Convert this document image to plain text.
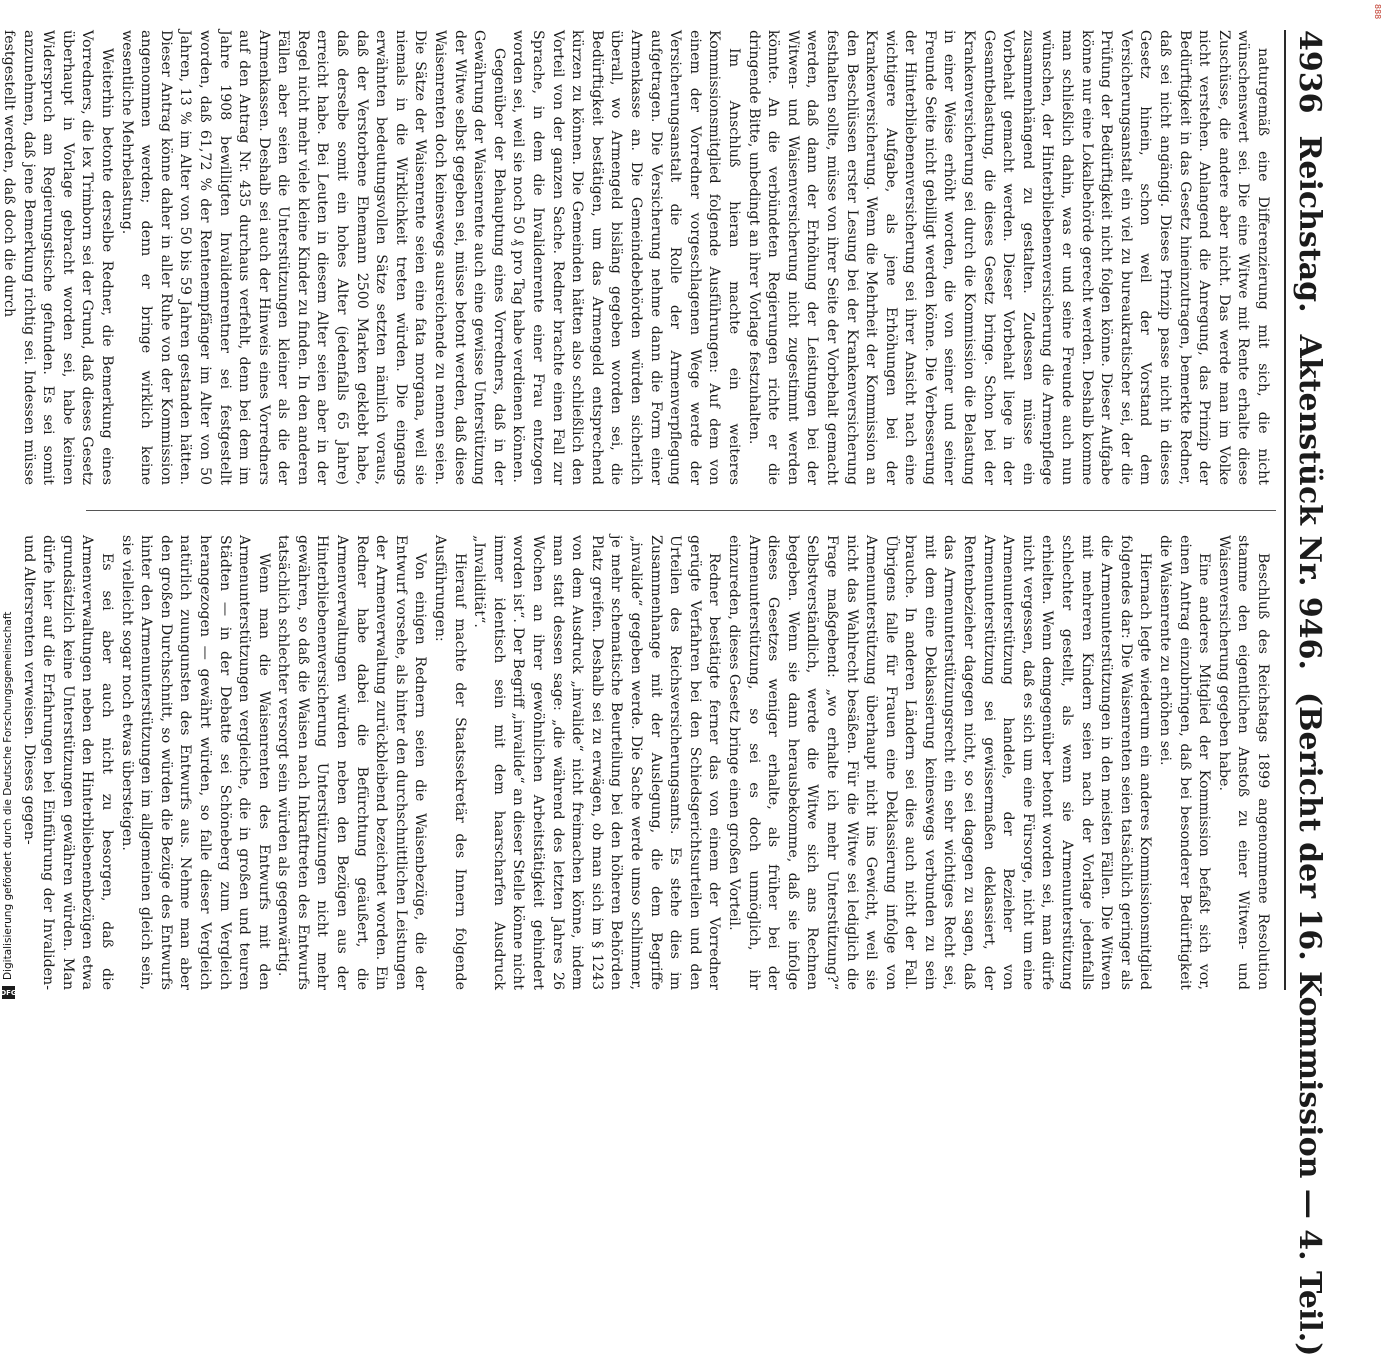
4936
Reichstag.
Aktenstück Nr. 946.
(Bericht der 16. Kommission — 4. Teil.)

naturgemäß eine Differenzierung mit sich, die nicht wünschenswert sei. Die eine Witwe mit Rente erhalte diese Zuschüsse, die andere aber nicht. Das werde man im Volke nicht verstehen. Anlangend die Anregung, das Prinzip der Bedürftigkeit in das Gesetz hineinzutragen, bemerkte Redner, daß sei nicht angängig. Dieses Prinzip passe nicht in dieses Gesetz hinein, schon weil der Vorstand dem Versicherungsanstalt ein viel zu bureaukratischer sei, der die Prüfung der Bedürftigkeit nicht folgen könne. Dieser Aufgabe könne nur eine Lokalbehörde gerecht werden. Deshalb komme man schließlich dahin, was er und seine Freunde auch nun wünschen, der Hinterbliebenenversicherung die Armenpflege zusammenhängend zu gestalten. Zudessen müsse ein Vorbehalt gemacht werden. Dieser Vorbehalt liege in der Gesamtbelastung, die dieses Gesetz bringe. Schon bei der Krankenversicherung sei durch die Kommission die Belastung in einer Weise erhöht worden, die von seiner und seiner Freunde Seite nicht gebilligt werden könne. Die Verbesserung der Hinterbliebenenversicherung sei ihrer Ansicht nach eine wichtigere Aufgabe, als jene Erhöhungen bei der Krankenversicherung. Wenn die Mehrheit der Kommission an den Beschlüssen erster Lesung bei der Krankenversicherung festhalten sollte, müsse von ihrer Seite der Vorbehalt gemacht werden, daß dann der Erhöhung der Leistungen bei der Witwen- und Waisenversicherung nicht zugestimmt werden könnte. An die verbündeten Regierungen richte er die dringende Bitte, unbedingt an ihrer Vorlage festzuhalten.

Im Anschluß hieran machte ein weiteres Kommissionsmitglied folgende Ausführungen: Auf dem von einem der Vorredner vorgeschlagenen Wege werde der Versicherungsanstalt die Rolle der Armenverpflegung aufgetragen. Die Versicherung nehme dann die Form einer Armenkasse an. Die Gemeindebehörden würden sicherlich überall, wo Armengeld bisläng gegeben worden sei, die Bedürftigkeit bestätigen, um das Armengeld entsprechend kürzen zu können. Die Gemeinden hätten also schließlich den Vorteil von der ganzen Sache. Redner brachte einen Fall zur Sprache, in dem die Invalidenrente einer Frau entzogen worden sei, weil sie noch 50 ₰ pro Tag habe verdienen können.

Gegenüber der Behauptung eines Vorredners, daß in der Gewährung der Waisenrente auch eine gewisse Unterstützung der Witwe selbst gegeben sei, müsse betont werden, daß diese Waisenrenten doch keineswegs ausreichende zu nennen seien. Die Sätze der Waisenrente seien eine fata morgana, weil sie niemals in die Wirklichkeit treten würden. Die eingangs erwähnten bedeutungsvollen Sätze setzten nämlich voraus, daß der Verstorbene Ehemann 2500 Marken geklebt habe, daß derselbe somit ein hohes Alter (jedenfalls 65 Jahre) erreicht habe. Bei Leuten in diesem Alter seien aber in der Regel nicht mehr viele kleine Kinder zu finden. In den anderen Fällen aber seien die Unterstützungen kleiner als die der Armenkassen. Deshalb sei auch der Hinweis eines Vorredners auf den Antrag Nr. 435 durchaus verfehlt, denn bei dem im Jahre 1908 bewilligten Invalidenrentner sei festgestellt worden, daß 61,72 % der Rentenempfänger im Alter von 50 Jahren, 13 % im Alter von 50 bis 59 Jahren gestanden hätten. Dieser Antrag könne daher in aller Ruhe von der Kommission angenommen werden; denn er bringe wirklich keine wesentliche Mehrbelastung.

Weiterhin betonte derselbe Redner, die Bemerkung eines Vorredners, die lex Trimborn sei der Grund, daß dieses Gesetz überhaupt in Vorlage gebracht worden sei, habe keinen Widerspruch am Regierungstische gefunden. Es sei somit anzunehmen, daß jene Bemerkung richtig sei. Indessen müsse festgestellt werden, daß doch die durch

Beschluß des Reichstags 1899 angenommene Resolution stamme den eigentlichen Anstoß zu einer Witwen- und Waisenversicherung gegeben habe.

Eine anderes Mitglied der Kommission befaßt sich vor, einen Antrag einzubringen, daß bei besonderer Bedürftigkeit die Waisenrente zu erhöhen sei.

Hiernach legte wiederum ein anderes Kommissionsmitglied folgendes dar: Die Waisenrenten seien tatsächlich geringer als die Armenunterstützungen in den meisten Fällen. Die Witwen mit mehreren Kindern seien nach der Vorlage jedenfalls schlechter gestellt, als wenn sie Armenunterstützung erhielten. Wenn demgegenüber betont worden sei, man dürfe nicht vergessen, daß es sich um eine Fürsorge, nicht um eine Armenunterstützung handele, der Bezieher von Armenunterstützung sei gewissermaßen deklassiert, der Rentenbezieher dagegen nicht, so sei dagegen zu sagen, daß das Armenunterstützungsrecht ein sehr wichtiges Recht sei, mit dem eine Deklassierung keineswegs verbunden zu sein brauche. In anderen Ländern sei dies auch nicht der Fall. Übrigens falle für Frauen eine Deklassierung infolge von Armenunterstützung überhaupt nicht ins Gewicht, weil sie nicht das Wahlrecht besäßen. Für die Witwe sei lediglich die Frage maßgebend: „wo erhalte ich mehr Unterstützung?“ Selbstverständlich, werde die Witwe sich ans Rechnen begeben. Wenn sie dann herausbekomme, daß sie infolge dieses Gesetzes weniger erhalte, als früher bei der Armenunterstützung, so sei es doch unmöglich, ihr einzureden, dieses Gesetz bringe einen großen Vorteil.

Redner bestätigte ferner das von einem der Vorredner gerügte Verfahren bei den Schiedsgerichtsurteilen und den Urteilen des Reichsversicherungsamts. Es stehe dies im Zusammenhange mit der Auslegung, die dem Begriffe „invalide“ gegeben werde. Die Sache werde umso schlimmer, je mehr schematische Beurteilung bei den höheren Behörden Platz greifen. Deshalb sei zu erwägen, ob man sich im § 1243 von dem Ausdruck „invalide“ nicht freimachen könne, indem man statt dessen sage: „die während des letzten Jahres 26 Wochen an ihrer gewöhnlichen Arbeitstätigkeit gehindert worden ist“. Der Begriff „invalide“ an dieser Stelle könne nicht immer identisch sein mit dem haarscharfen Ausdruck „Invalidität“.

Hierauf machte der Staatssekretär des Innern folgende Ausführungen:

Von einigen Rednern seien die Waisenbezüge, die der Entwurf vorsehe, als hinter den durchschnittlichen Leistungen der Armenverwaltung zurückbleibend bezeichnet worden. Ein Redner habe dabei die Befürchtung geäußert, die Armenverwaltungen würden neben den Bezügen aus der Hinterbliebenenversicherung Unterstützungen nicht mehr gewähren, so daß die Waisen nach Inkrafttreten des Entwurfs tatsächlich schlechter versorgt sein würden als gegenwärtig.

Wenn man die Waisenrenten des Entwurfs mit den Armenunterstützungen vergleiche, die in großen und teuren Städten — in der Debatte sei Schöneberg zum Vergleich herangezogen — gewährt würden, so falle dieser Vergleich natürlich zuungunsten des Entwurfs aus. Nehme man aber den großen Durchschnitt, so würden die Bezüge des Entwurfs hinter den Armenunterstützungen im allgemeinen gleich sein, sie vielleicht sogar noch etwas übersteigen.

Es sei aber auch nicht zu besorgen, daß die Armenverwaltungen neben den Hinterbliebenenbezügen etwa grundsätzlich keine Unterstützungen gewähren würden. Man dürfe hier auf die Erfahrungen bei Einführung der Invaliden- und Altersrenten verweisen. Dieses gegen-

Digitalisierung gefördert durch die Deutsche Forschungsgemeinschaft
DFG
888
